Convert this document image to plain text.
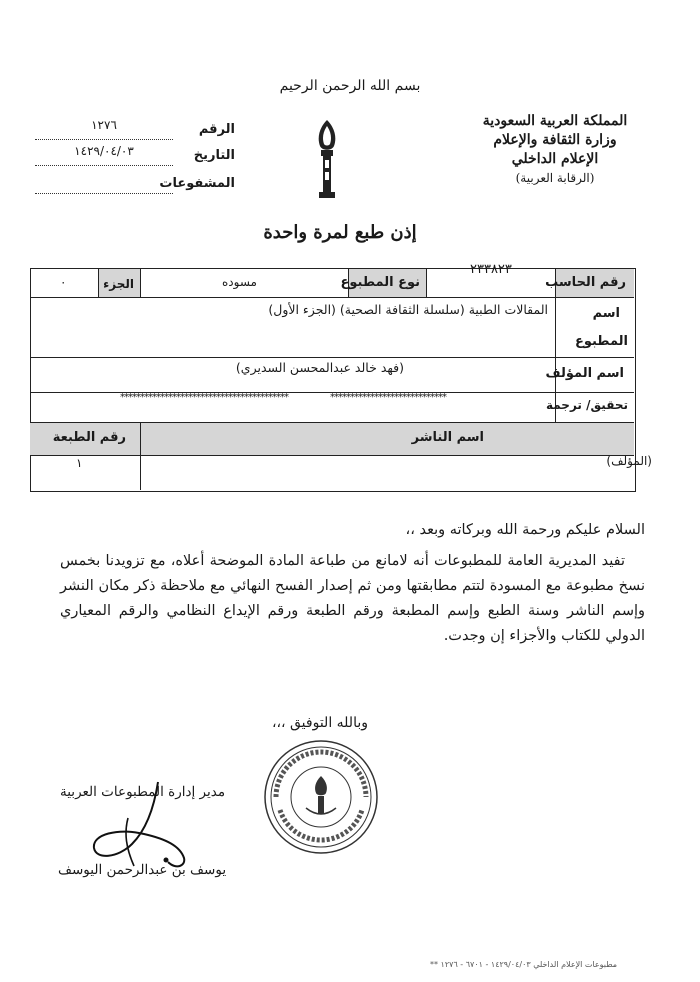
بسم الله الرحمن الرحيم
المملكة العربية السعودية
وزارة الثقافة والإعلام
الإعلام الداخلي
(الرقابة العربية)
الرقم
١٢٧٦
التاريخ
١٤٢٩/٠٤/٠٣
المشفوعات
إذن طبع لمرة واحدة
رقم الحاسب
٢٣٣٨٢٣
نوع المطبوع
مسوده
الجزء
٠
اسم
المطبوع
المقالات الطبية (سلسلة الثقافة الصحية) (الجزء الأول)
اسم المؤلف
(فهد خالد عبدالمحسن السديري)
تحقيق/ ترجمة
******************************************	*****************************
اسم الناشر
رقم الطبعة
(المؤلف)
١

السلام عليكم ورحمة الله وبركاته وبعد ،،

تفيد المديرية العامة للمطبوعات أنه لامانع من طباعة المادة الموضحة أعلاه، مع تزويدنا بخمس نسخ مطبوعة مع المسودة لتتم مطابقتها ومن ثم إصدار الفسح النهائي مع ملاحظة ذكر مكان النشر وإسم الناشر وسنة الطبع وإسم المطبعة ورقم الطبعة ورقم الإيداع النظامي والرقم المعياري الدولي للكتاب والأجزاء إن وجدت.

وبالله التوفيق ،،،
مدير إدارة المطبوعات العربية
يوسف بن عبدالرحمن اليوسف
** مطبوعات الإعلام الداخلي ١٤٢٩/٠٤/٠٣ - ٦٧٠١ - ١٢٧٦
